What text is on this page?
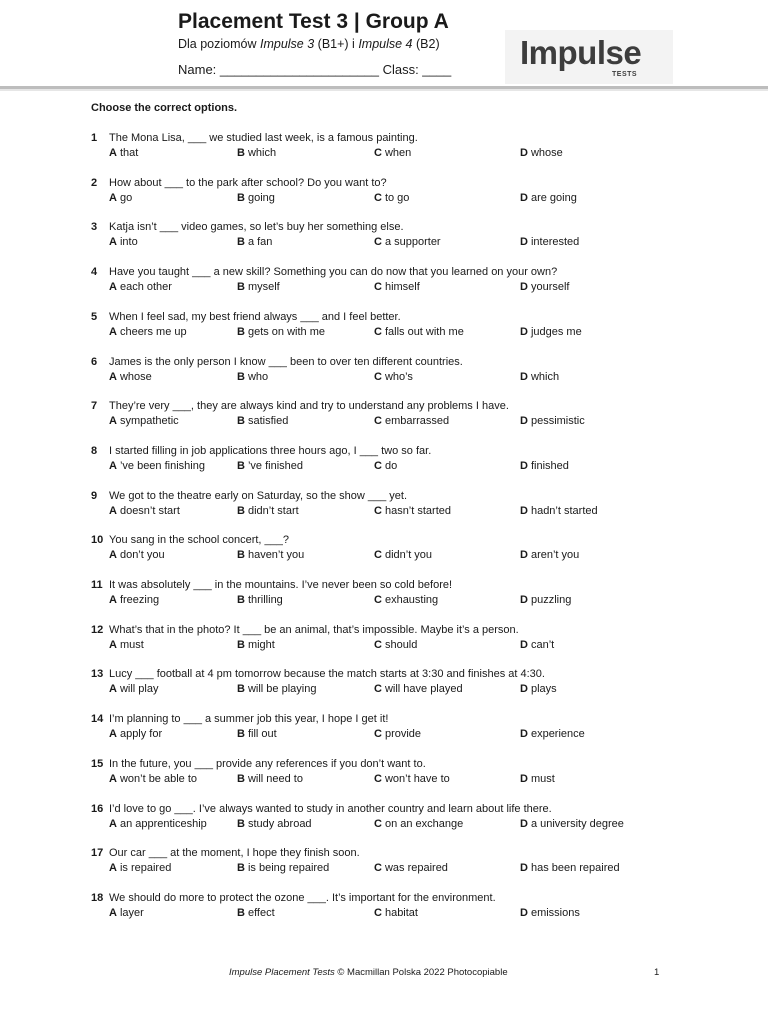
Placement Test 3 | Group A
Dla poziomów Impulse 3 (B1+) i Impulse 4 (B2)
Name: ______________________ Class: ____ Impulse
TESTS
Choose the correct options.
1	The Mona Lisa, ___ we studied last week, is a famous painting.
A that	B which	C when	D whose
2	How about ___ to the park after school? Do you want to?
A go	B going	C to go	D are going
3	Katja isn’t ___ video games, so let’s buy her something else.
A into	B a fan	C a supporter	D interested
4	Have you taught ___ a new skill? Something you can do now that you learned on your own?
A each other	B myself	C himself	D yourself
5	When I feel sad, my best friend always ___ and I feel better.
A cheers me up	B gets on with me	C falls out with me	D judges me
6	James is the only person I know ___ been to over ten different countries.
A whose	B who	C who’s	D which
7	They’re very ___, they are always kind and try to understand any problems I have.
A sympathetic	B satisfied	C embarrassed	D pessimistic
8	I started filling in job applications three hours ago, I ___ two so far.
A ’ve been finishing	B ’ve finished	C do	D finished
9	We got to the theatre early on Saturday, so the show ___ yet.
A doesn’t start	B didn’t start	C hasn’t started	D hadn’t started
10 You sang in the school concert, ___?
A don’t you	B haven’t you	C didn’t you	D aren’t you
11 It was absolutely ___ in the mountains. I’ve never been so cold before!
A freezing	B thrilling	C exhausting	D puzzling
12 What’s that in the photo? It ___ be an animal, that’s impossible. Maybe it’s a person.
A must	B might	C should	D can’t
13 Lucy ___ football at 4 pm tomorrow because the match starts at 3:30 and finishes at 4:30.
A will play	B will be playing	C will have played	D plays
14 I’m planning to ___ a summer job this year, I hope I get it!
A apply for	B fill out	C provide	D experience
15 In the future, you ___ provide any references if you don’t want to.
A won’t be able to	B will need to	C won’t have to	D must
16 I’d love to go ___. I’ve always wanted to study in another country and learn about life there.
A an apprenticeship	B study abroad	C on an exchange	D a university degree
17 Our car ___ at the moment, I hope they finish soon.
A is repaired	B is being repaired	C was repaired	D has been repaired
18 We should do more to protect the ozone ___. It’s important for the environment.
A layer	B effect	C habitat	D emissions
Impulse Placement Tests © Macmillan Polska 2022 Photocopiable	1
